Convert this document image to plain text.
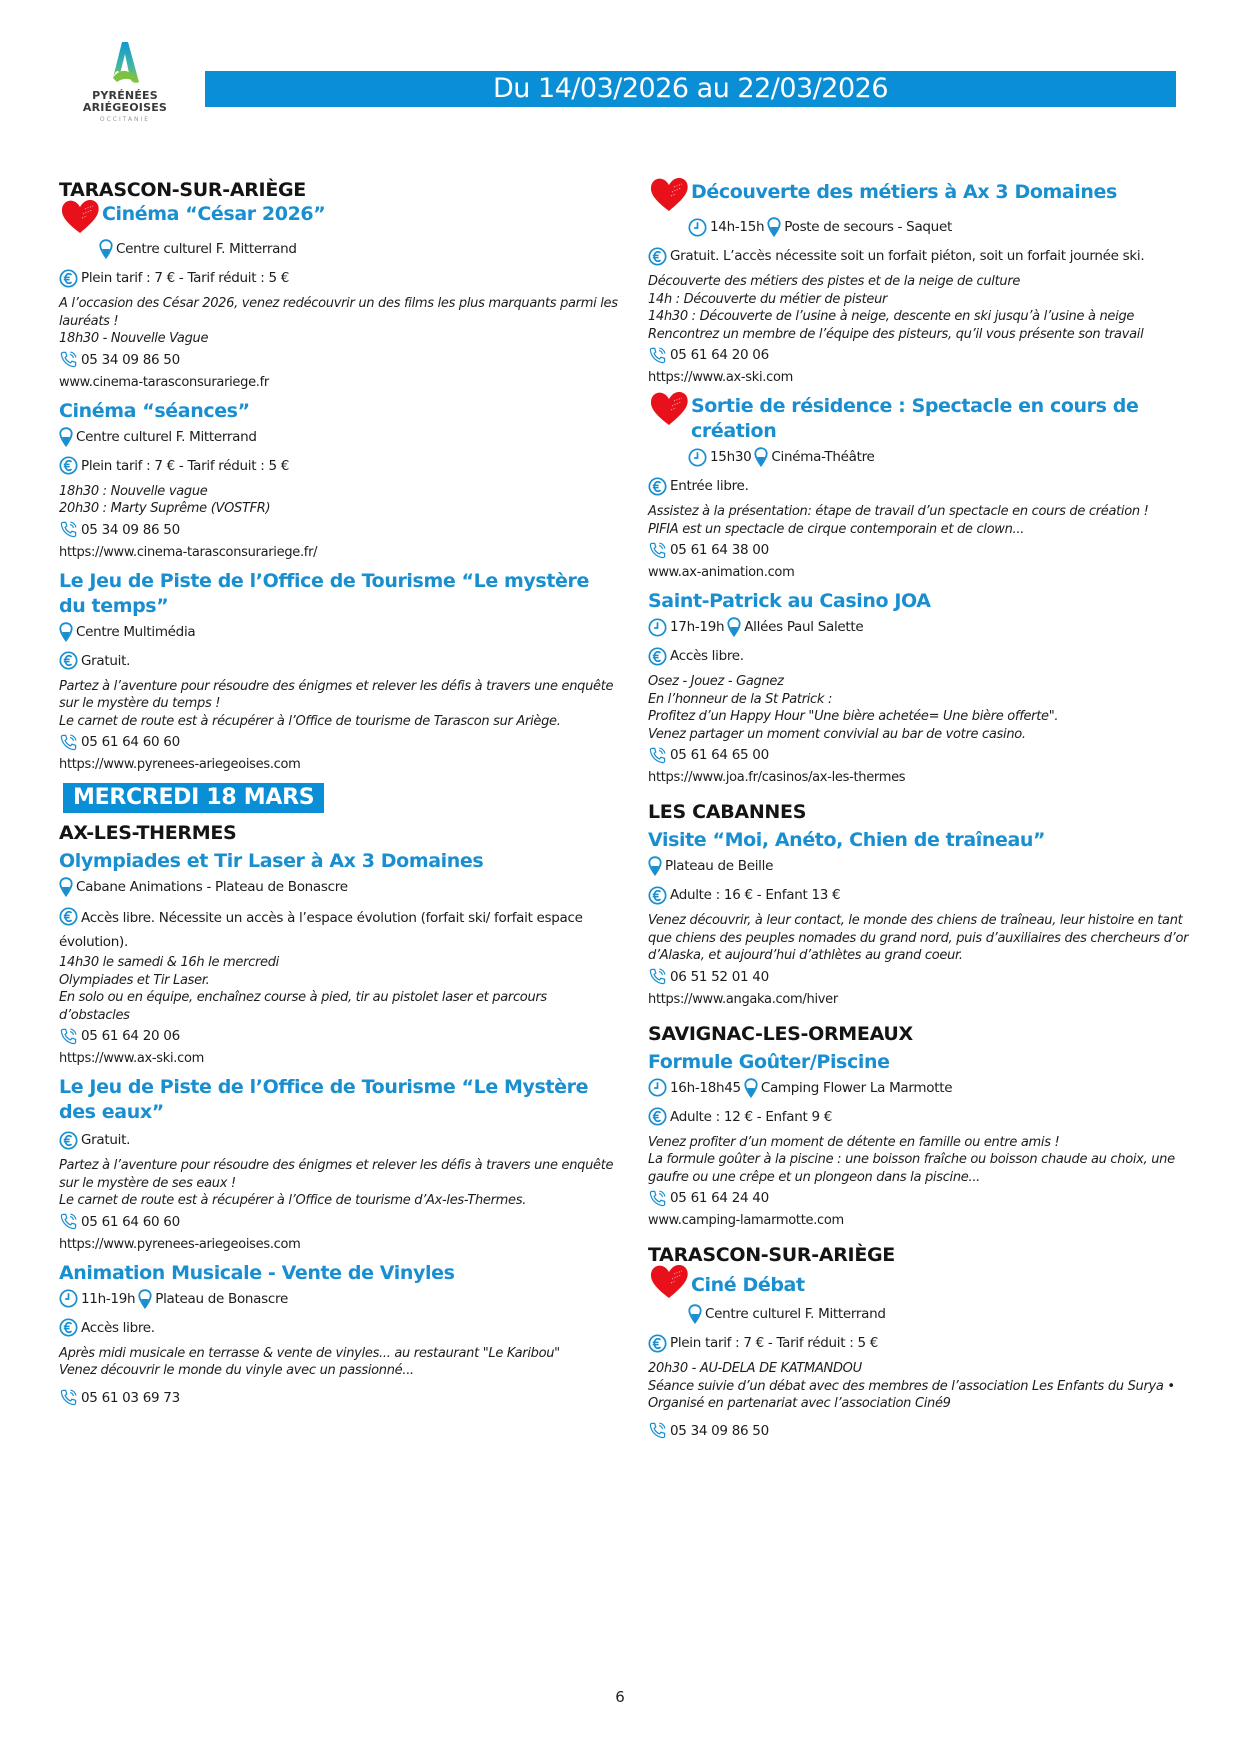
PYRÉNÉES
ARIÉGEOISES
OCCITANIE
Du 14/03/2026 au 22/03/2026
TARASCON-SUR-ARIÈGE
Cinéma “César 2026”
Centre culturel F. Mitterrand
Plein tarif : 7 € - Tarif réduit : 5 €
A l’occasion des César 2026, venez redécouvrir un des films les plus marquants parmi les lauréats !
18h30 - Nouvelle Vague
05 34 09 86 50
www.cinema-tarasconsurariege.fr
Cinéma “séances”
Centre culturel F. Mitterrand
Plein tarif : 7 € - Tarif réduit : 5 €
18h30 : Nouvelle vague
20h30 : Marty Suprême (VOSTFR)
05 34 09 86 50
https://www.cinema-tarasconsurariege.fr/
Le Jeu de Piste de l’Office de Tourisme “Le mystère du temps”
Centre Multimédia
Gratuit.
Partez à l’aventure pour résoudre des énigmes et relever les défis à travers une enquête sur le mystère du temps !
Le carnet de route est à récupérer à l’Office de tourisme de Tarascon sur Ariège.
05 61 64 60 60
https://www.pyrenees-ariegeoises.com
MERCREDI 18 MARS
AX-LES-THERMES
Olympiades et Tir Laser à Ax 3 Domaines
Cabane Animations - Plateau de Bonascre
Accès libre. Nécessite un accès à l’espace évolution (forfait ski/ forfait espace évolution).
14h30 le samedi & 16h le mercredi
Olympiades et Tir Laser.
En solo ou en équipe, enchaînez course à pied, tir au pistolet laser et parcours d’obstacles
05 61 64 20 06
https://www.ax-ski.com
Le Jeu de Piste de l’Office de Tourisme “Le Mystère des eaux”
Gratuit.
Partez à l’aventure pour résoudre des énigmes et relever les défis à travers une enquête sur le mystère de ses eaux !
Le carnet de route est à récupérer à l’Office de tourisme d’Ax-les-Thermes.
05 61 64 60 60
https://www.pyrenees-ariegeoises.com
Animation Musicale - Vente de Vinyles
11h-19h Plateau de Bonascre
Accès libre.
Après midi musicale en terrasse & vente de vinyles... au restaurant "Le Karibou"
Venez découvrir le monde du vinyle avec un passionné...
05 61 03 69 73
Découverte des métiers à Ax 3 Domaines
14h-15h Poste de secours - Saquet
Gratuit. L’accès nécessite soit un forfait piéton, soit un forfait journée ski.
Découverte des métiers des pistes et de la neige de culture
14h : Découverte du métier de pisteur
14h30 : Découverte de l’usine à neige, descente en ski jusqu’à l’usine à neige
Rencontrez un membre de l’équipe des pisteurs, qu’il vous présente son travail
05 61 64 20 06
https://www.ax-ski.com
Sortie de résidence : Spectacle en cours de création
15h30 Cinéma-Théâtre
Entrée libre.
Assistez à la présentation: étape de travail d’un spectacle en cours de création !
PIFIA est un spectacle de cirque contemporain et de clown...
05 61 64 38 00
www.ax-animation.com
Saint-Patrick au Casino JOA
17h-19h Allées Paul Salette
Accès libre.
Osez - Jouez - Gagnez
En l’honneur de la St Patrick :
Profitez d’un Happy Hour "Une bière achetée= Une bière offerte".
Venez partager un moment convivial au bar de votre casino.
05 61 64 65 00
https://www.joa.fr/casinos/ax-les-thermes
LES CABANNES
Visite “Moi, Anéto, Chien de traîneau”
Plateau de Beille
Adulte : 16 € - Enfant 13 €
Venez découvrir, à leur contact, le monde des chiens de traîneau, leur histoire en tant que chiens des peuples nomades du grand nord, puis d’auxiliaires des chercheurs d’or d’Alaska, et aujourd’hui d’athlètes au grand coeur.
06 51 52 01 40
https://www.angaka.com/hiver
SAVIGNAC-LES-ORMEAUX
Formule Goûter/Piscine
16h-18h45 Camping Flower La Marmotte
Adulte : 12 € - Enfant 9 €
Venez profiter d’un moment de détente en famille ou entre amis !
La formule goûter à la piscine : une boisson fraîche ou boisson chaude au choix, une gaufre ou une crêpe et un plongeon dans la piscine...
05 61 64 24 40
www.camping-lamarmotte.com
TARASCON-SUR-ARIÈGE
Ciné Débat
Centre culturel F. Mitterrand
Plein tarif : 7 € - Tarif réduit : 5 €
20h30 - AU-DELA DE KATMANDOU
Séance suivie d’un débat avec des membres de l’association Les Enfants du Surya •
Organisé en partenariat avec l’association Ciné9
05 34 09 86 50
6
